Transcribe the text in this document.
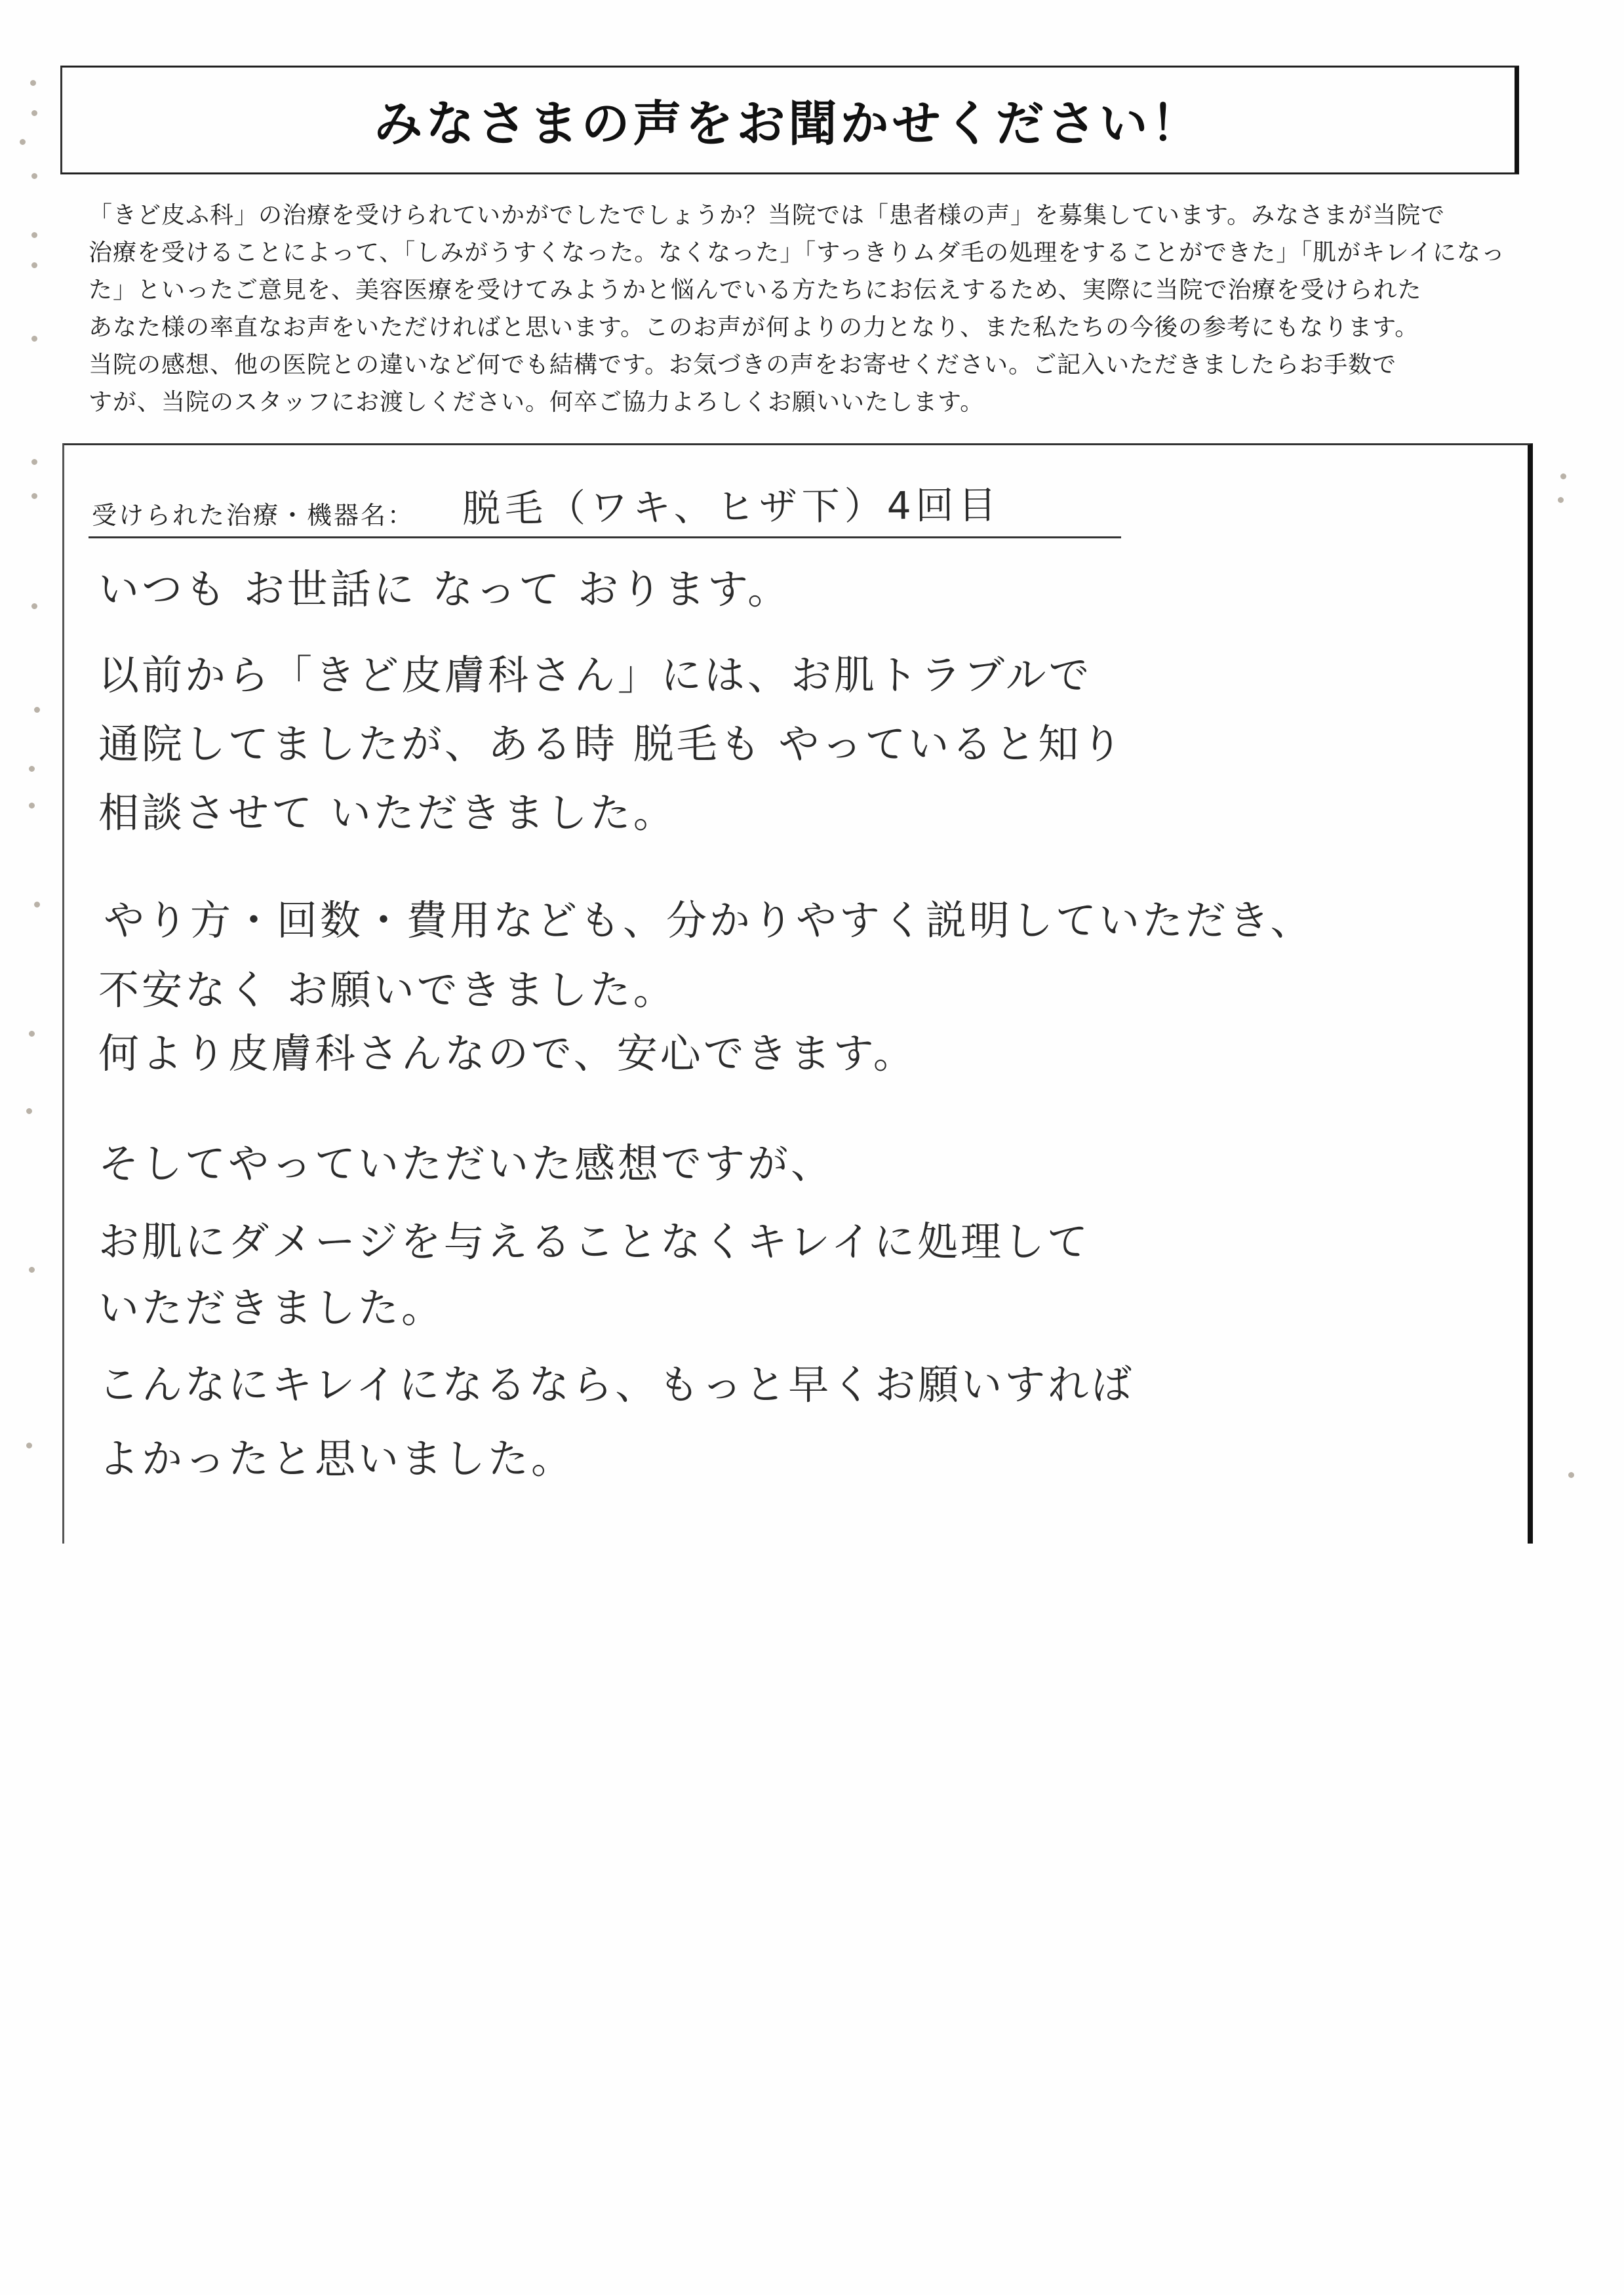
みなさまの声をお聞かせください！
「きど皮ふ科」の治療を受けられていかがでしたでしょうか？当院では「患者様の声」を募集しています。みなさまが当院で
治療を受けることによって、「しみがうすくなった。なくなった」「すっきりムダ毛の処理をすることができた」「肌がキレイになっ
た」といったご意見を、美容医療を受けてみようかと悩んでいる方たちにお伝えするため、実際に当院で治療を受けられた
あなた様の率直なお声をいただければと思います。このお声が何よりの力となり、また私たちの今後の参考にもなります。
当院の感想、他の医院との違いなど何でも結構です。お気づきの声をお寄せください。ご記入いただきましたらお手数で
すが、当院のスタッフにお渡しください。何卒ご協力よろしくお願いいたします。
受けられた治療・機器名： 脱毛（ワキ、ヒザ下）4回目
いつも お世話に なって おります。
以前から「きど皮膚科さん」には、お肌トラブルで
通院してましたが、ある時 脱毛も やっていると知り
相談させて いただきました。
やり方・回数・費用なども、分かりやすく説明していただき、
不安なく お願いできました。
何より皮膚科さんなので、安心できます。
そしてやっていただいた感想ですが、
お肌にダメージを与えることなくキレイに処理して
いただきました。
こんなにキレイになるなら、もっと早くお願いすれば
よかったと思いました。
